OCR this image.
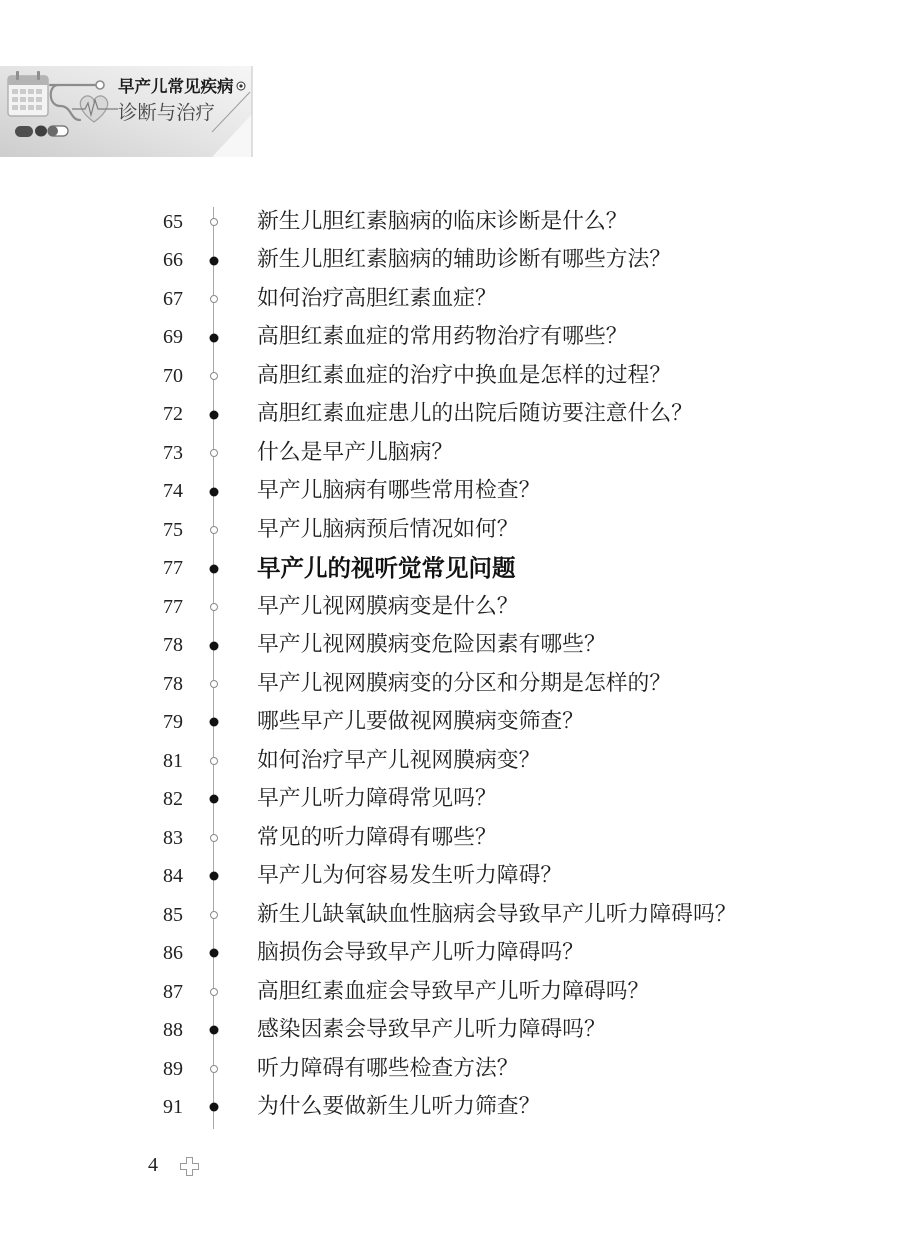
早产儿常见疾病
诊断与治疗
65	新生儿胆红素脑病的临床诊断是什么？
66	新生儿胆红素脑病的辅助诊断有哪些方法？
67	如何治疗高胆红素血症？
69	高胆红素血症的常用药物治疗有哪些？
70	高胆红素血症的治疗中换血是怎样的过程？
72	高胆红素血症患儿的出院后随访要注意什么？
73	什么是早产儿脑病？
74	早产儿脑病有哪些常用检查？
75	早产儿脑病预后情况如何？
77	早产儿的视听觉常见问题
77	早产儿视网膜病变是什么？
78	早产儿视网膜病变危险因素有哪些？
78	早产儿视网膜病变的分区和分期是怎样的？
79	哪些早产儿要做视网膜病变筛查？
81	如何治疗早产儿视网膜病变？
82	早产儿听力障碍常见吗？
83	常见的听力障碍有哪些？
84	早产儿为何容易发生听力障碍？
85	新生儿缺氧缺血性脑病会导致早产儿听力障碍吗？
86	脑损伤会导致早产儿听力障碍吗？
87	高胆红素血症会导致早产儿听力障碍吗？
88	感染因素会导致早产儿听力障碍吗？
89	听力障碍有哪些检查方法？
91	为什么要做新生儿听力筛查？
4
